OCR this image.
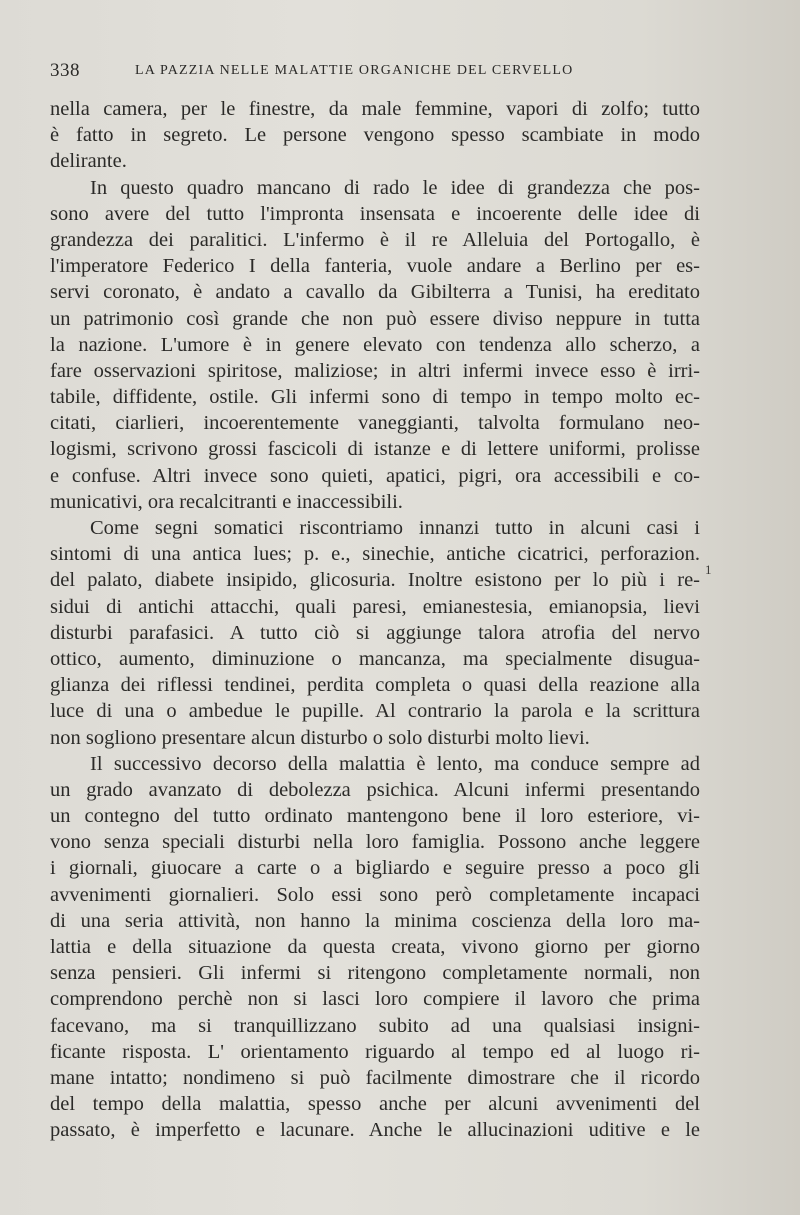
338	LA PAZZIA NELLE MALATTIE ORGANICHE DEL CERVELLO
nella camera, per le finestre, da male femmine, vapori di zolfo; tutto
è fatto in segreto. Le persone vengono spesso scambiate in modo
delirante.
In questo quadro mancano di rado le idee di grandezza che pos-
sono avere del tutto l'impronta insensata e incoerente delle idee di
grandezza dei paralitici. L'infermo è il re Alleluia del Portogallo, è
l'imperatore Federico I della fanteria, vuole andare a Berlino per es-
servi coronato, è andato a cavallo da Gibilterra a Tunisi, ha ereditato
un patrimonio così grande che non può essere diviso neppure in tutta
la nazione. L'umore è in genere elevato con tendenza allo scherzo, a
fare osservazioni spiritose, maliziose; in altri infermi invece esso è irri-
tabile, diffidente, ostile. Gli infermi sono di tempo in tempo molto ec-
citati, ciarlieri, incoerentemente vaneggianti, talvolta formulano neo-
logismi, scrivono grossi fascicoli di istanze e di lettere uniformi, prolisse
e confuse. Altri invece sono quieti, apatici, pigri, ora accessibili e co-
municativi, ora recalcitranti e inaccessibili.
Come segni somatici riscontriamo innanzi tutto in alcuni casi i
sintomi di una antica lues; p. e., sinechie, antiche cicatrici, perforazion.
del palato, diabete insipido, glicosuria. Inoltre esistono per lo più i re-
sidui di antichi attacchi, quali paresi, emianestesia, emianopsia, lievi
disturbi parafasici. A tutto ciò si aggiunge talora atrofia del nervo
ottico, aumento, diminuzione o mancanza, ma specialmente disugua-
glianza dei riflessi tendinei, perdita completa o quasi della reazione alla
luce di una o ambedue le pupille. Al contrario la parola e la scrittura
non sogliono presentare alcun disturbo o solo disturbi molto lievi.
Il successivo decorso della malattia è lento, ma conduce sempre ad
un grado avanzato di debolezza psichica. Alcuni infermi presentando
un contegno del tutto ordinato mantengono bene il loro esteriore, vi-
vono senza speciali disturbi nella loro famiglia. Possono anche leggere
i giornali, giuocare a carte o a bigliardo e seguire presso a poco gli
avvenimenti giornalieri. Solo essi sono però completamente incapaci
di una seria attività, non hanno la minima coscienza della loro ma-
lattia e della situazione da questa creata, vivono giorno per giorno
senza pensieri. Gli infermi si ritengono completamente normali, non
comprendono perchè non si lasci loro compiere il lavoro che prima
facevano, ma si tranquillizzano subito ad una qualsiasi insigni-
ficante risposta. L' orientamento riguardo al tempo ed al luogo ri-
mane intatto; nondimeno si può facilmente dimostrare che il ricordo
del tempo della malattia, spesso anche per alcuni avvenimenti del
passato, è imperfetto e lacunare. Anche le allucinazioni uditive e le
1
